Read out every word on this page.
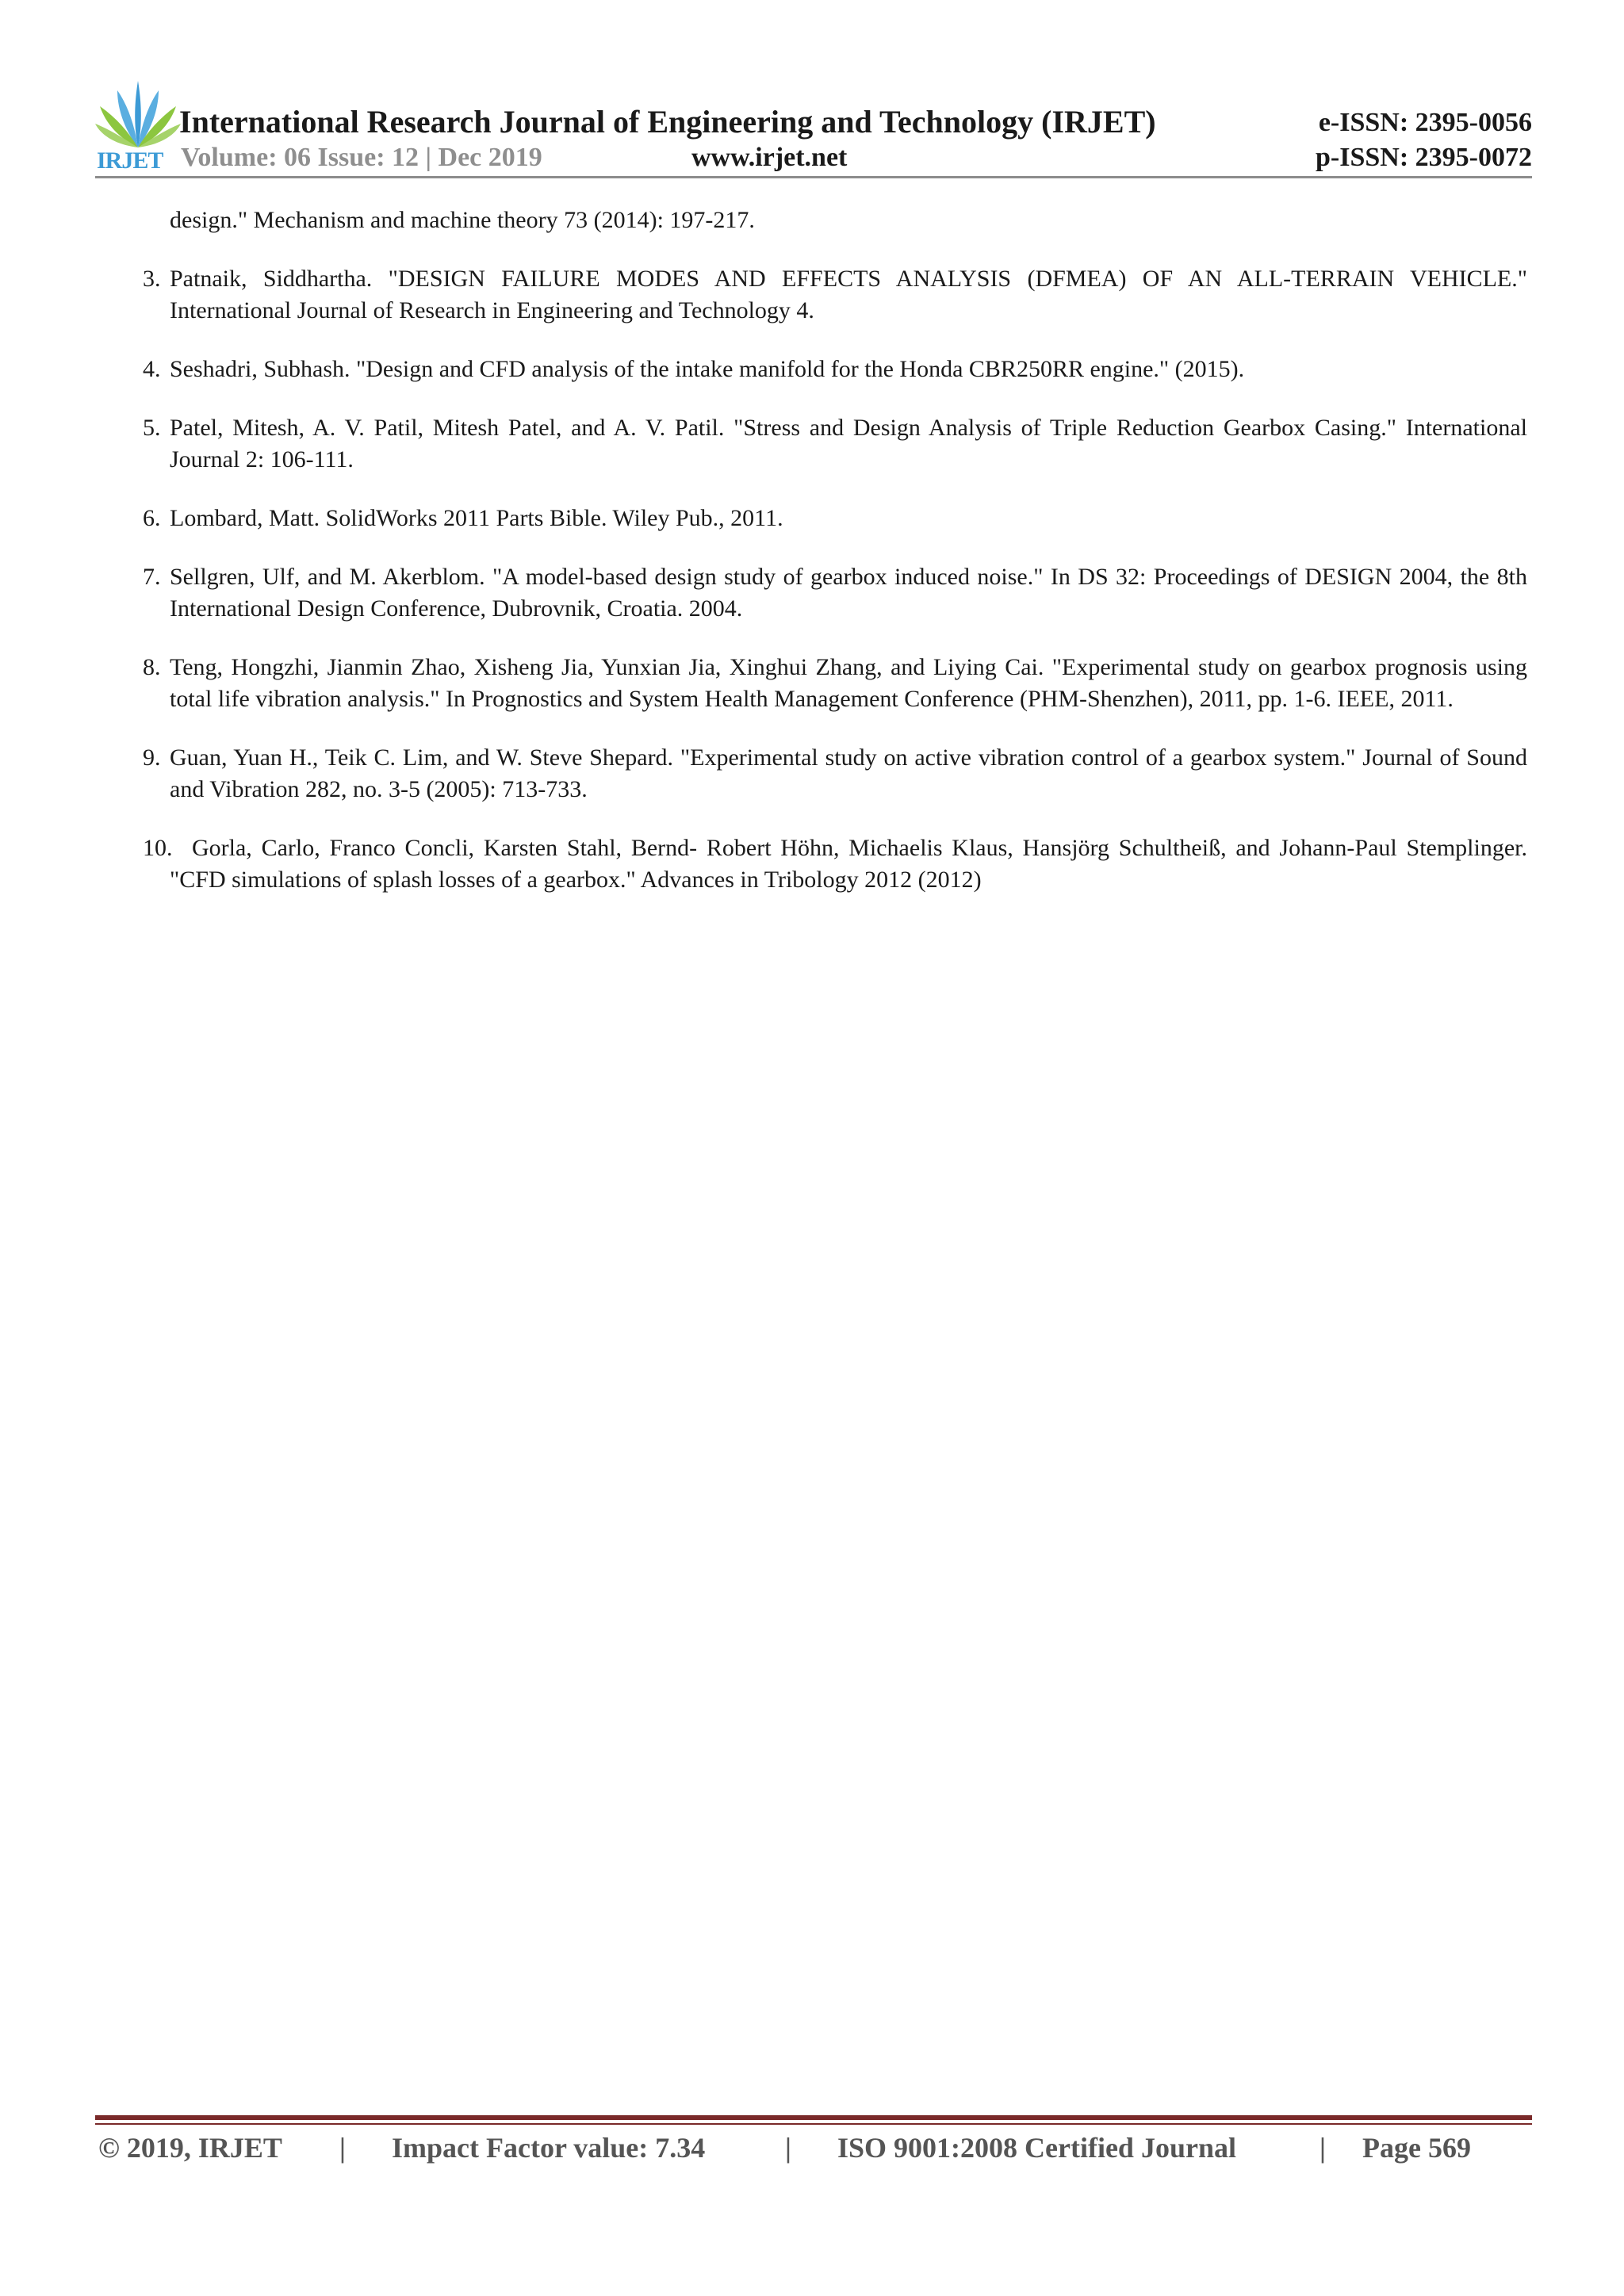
IRJET
International Research Journal of Engineering and Technology (IRJET)
Volume: 06 Issue: 12 | Dec 2019	www.irjet.net
e-ISSN: 2395-0056
p-ISSN: 2395-0072
design." Mechanism and machine theory 73 (2014): 197-217.
3. Patnaik, Siddhartha. "DESIGN FAILURE MODES AND EFFECTS ANALYSIS (DFMEA) OF AN ALL-TERRAIN VEHICLE." International Journal of Research in Engineering and Technology 4.
4. Seshadri, Subhash. "Design and CFD analysis of the intake manifold for the Honda CBR250RR engine." (2015).
5. Patel, Mitesh, A. V. Patil, Mitesh Patel, and A. V. Patil. "Stress and Design Analysis of Triple Reduction Gearbox Casing." International Journal 2: 106-111.
6. Lombard, Matt. SolidWorks 2011 Parts Bible. Wiley Pub., 2011.
7. Sellgren, Ulf, and M. Akerblom. "A model-based design study of gearbox induced noise." In DS 32: Proceedings of DESIGN 2004, the 8th International Design Conference, Dubrovnik, Croatia. 2004.
8. Teng, Hongzhi, Jianmin Zhao, Xisheng Jia, Yunxian Jia, Xinghui Zhang, and Liying Cai. "Experimental study on gearbox prognosis using total life vibration analysis." In Prognostics and System Health Management Conference (PHM-Shenzhen), 2011, pp. 1-6. IEEE, 2011.
9. Guan, Yuan H., Teik C. Lim, and W. Steve Shepard. "Experimental study on active vibration control of a gearbox system." Journal of Sound and Vibration 282, no. 3-5 (2005): 713-733.
10. Gorla, Carlo, Franco Concli, Karsten Stahl, Bernd- Robert Höhn, Michaelis Klaus, Hansjörg Schultheiß, and Johann-Paul Stemplinger. "CFD simulations of splash losses of a gearbox." Advances in Tribology 2012 (2012)
© 2019, IRJET | Impact Factor value: 7.34	| ISO 9001:2008 Certified Journal	| Page 569
